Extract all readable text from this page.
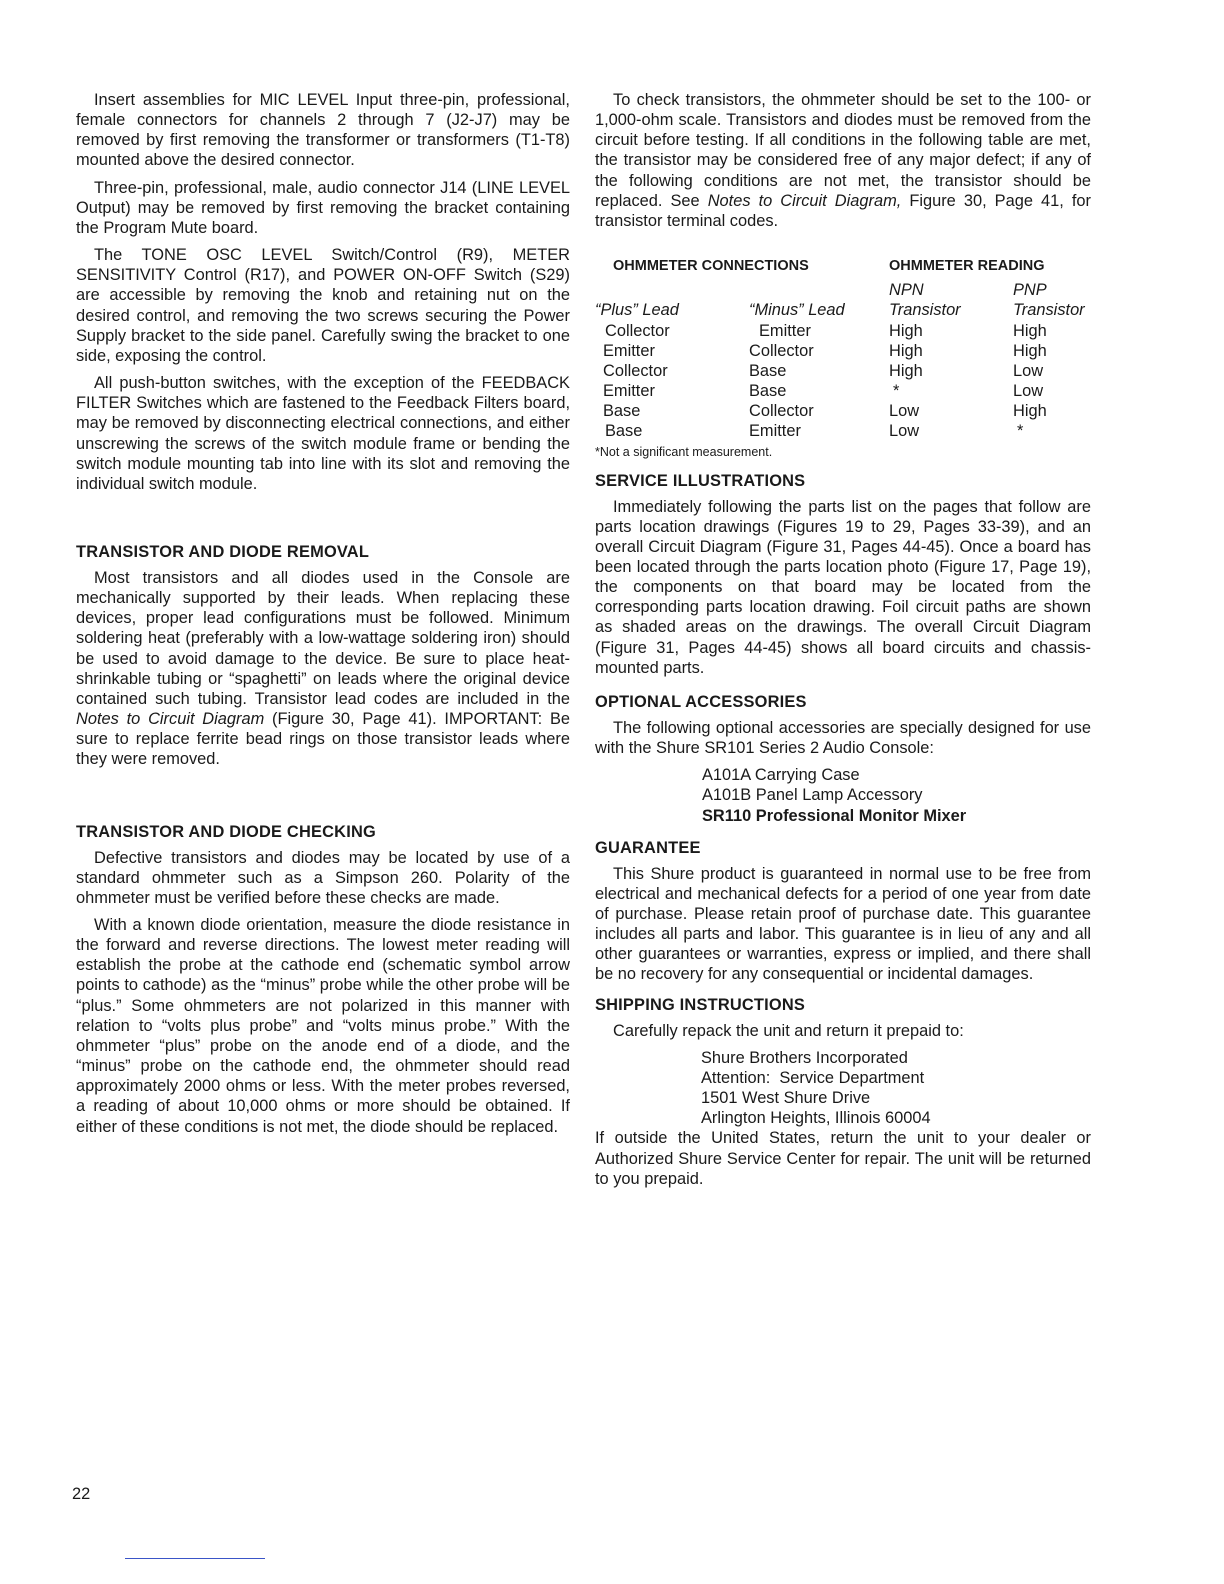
Insert assemblies for MIC LEVEL Input three-pin, professional, female connectors for channels 2 through 7 (J2-J7) may be removed by first removing the transformer or transformers (T1-T8) mounted above the desired connector.

Three-pin, professional, male, audio connector J14 (LINE LEVEL Output) may be removed by first removing the bracket containing the Program Mute board.

The TONE OSC LEVEL Switch/Control (R9), METER SENSITIVITY Control (R17), and POWER ON-OFF Switch (S29) are accessible by removing the knob and retaining nut on the desired control, and removing the two screws securing the Power Supply bracket to the side panel. Carefully swing the bracket to one side, exposing the control.

All push-button switches, with the exception of the FEEDBACK FILTER Switches which are fastened to the Feedback Filters board, may be removed by disconnecting electrical connections, and either unscrewing the screws of the switch module frame or bending the switch module mounting tab into line with its slot and removing the individual switch module.

TRANSISTOR AND DIODE REMOVAL

Most transistors and all diodes used in the Console are mechanically supported by their leads. When replacing these devices, proper lead configurations must be followed. Minimum soldering heat (preferably with a low-wattage soldering iron) should be used to avoid damage to the device. Be sure to place heat-shrinkable tubing or “spaghetti” on leads where the original device contained such tubing. Transistor lead codes are included in the Notes to Circuit Diagram (Figure 30, Page 41). IMPORTANT: Be sure to replace ferrite bead rings on those transistor leads where they were removed.

TRANSISTOR AND DIODE CHECKING

Defective transistors and diodes may be located by use of a standard ohmmeter such as a Simpson 260. Polarity of the ohmmeter must be verified before these checks are made.

With a known diode orientation, measure the diode resistance in the forward and reverse directions. The lowest meter reading will establish the probe at the cathode end (schematic symbol arrow points to cathode) as the “minus” probe while the other probe will be “plus.” Some ohmmeters are not polarized in this manner with relation to “volts plus probe” and “volts minus probe.” With the ohmmeter “plus” probe on the anode end of a diode, and the “minus” probe on the cathode end, the ohmmeter should read approximately 2000 ohms or less. With the meter probes reversed, a reading of about 10,000 ohms or more should be obtained. If either of these conditions is not met, the diode should be replaced.

To check transistors, the ohmmeter should be set to the 100- or 1,000-ohm scale. Transistors and diodes must be removed from the circuit before testing. If all conditions in the following table are met, the transistor may be considered free of any major defect; if any of the following conditions are not met, the transistor should be replaced. See Notes to Circuit Diagram, Figure 30, Page 41, for transistor terminal codes.

OHMMETER CONNECTIONS		OHMMETER READING	
		NPN	PNP
“Plus” Lead	“Minus” Lead	Transistor	Transistor
Collector	Emitter	High	High
Emitter	Collector	High	High
Collector	Base	High	Low
Emitter	Base	*	Low
Base	Collector	Low	High
Base	Emitter	Low	*
*Not a significant measurement.
SERVICE ILLUSTRATIONS

Immediately following the parts list on the pages that follow are parts location drawings (Figures 19 to 29, Pages 33-39), and an overall Circuit Diagram (Figure 31, Pages 44-45). Once a board has been located through the parts location photo (Figure 17, Page 19), the components on that board may be located from the corresponding parts location drawing. Foil circuit paths are shown as shaded areas on the drawings. The overall Circuit Diagram (Figure 31, Pages 44-45) shows all board circuits and chassis-mounted parts.

OPTIONAL ACCESSORIES

The following optional accessories are specially designed for use with the Shure SR101 Series 2 Audio Console:

A101A Carrying Case
A101B Panel Lamp Accessory
SR110 Professional Monitor Mixer
GUARANTEE

This Shure product is guaranteed in normal use to be free from electrical and mechanical defects for a period of one year from date of purchase. Please retain proof of purchase date. This guarantee includes all parts and labor. This guarantee is in lieu of any and all other guarantees or warranties, express or implied, and there shall be no recovery for any consequential or incidental damages.

SHIPPING INSTRUCTIONS

Carefully repack the unit and return it prepaid to:

Shure Brothers Incorporated
Attention:  Service Department
1501 West Shure Drive
Arlington Heights, Illinois 60004

If outside the United States, return the unit to your dealer or Authorized Shure Service Center for repair. The unit will be returned to you prepaid.

22
